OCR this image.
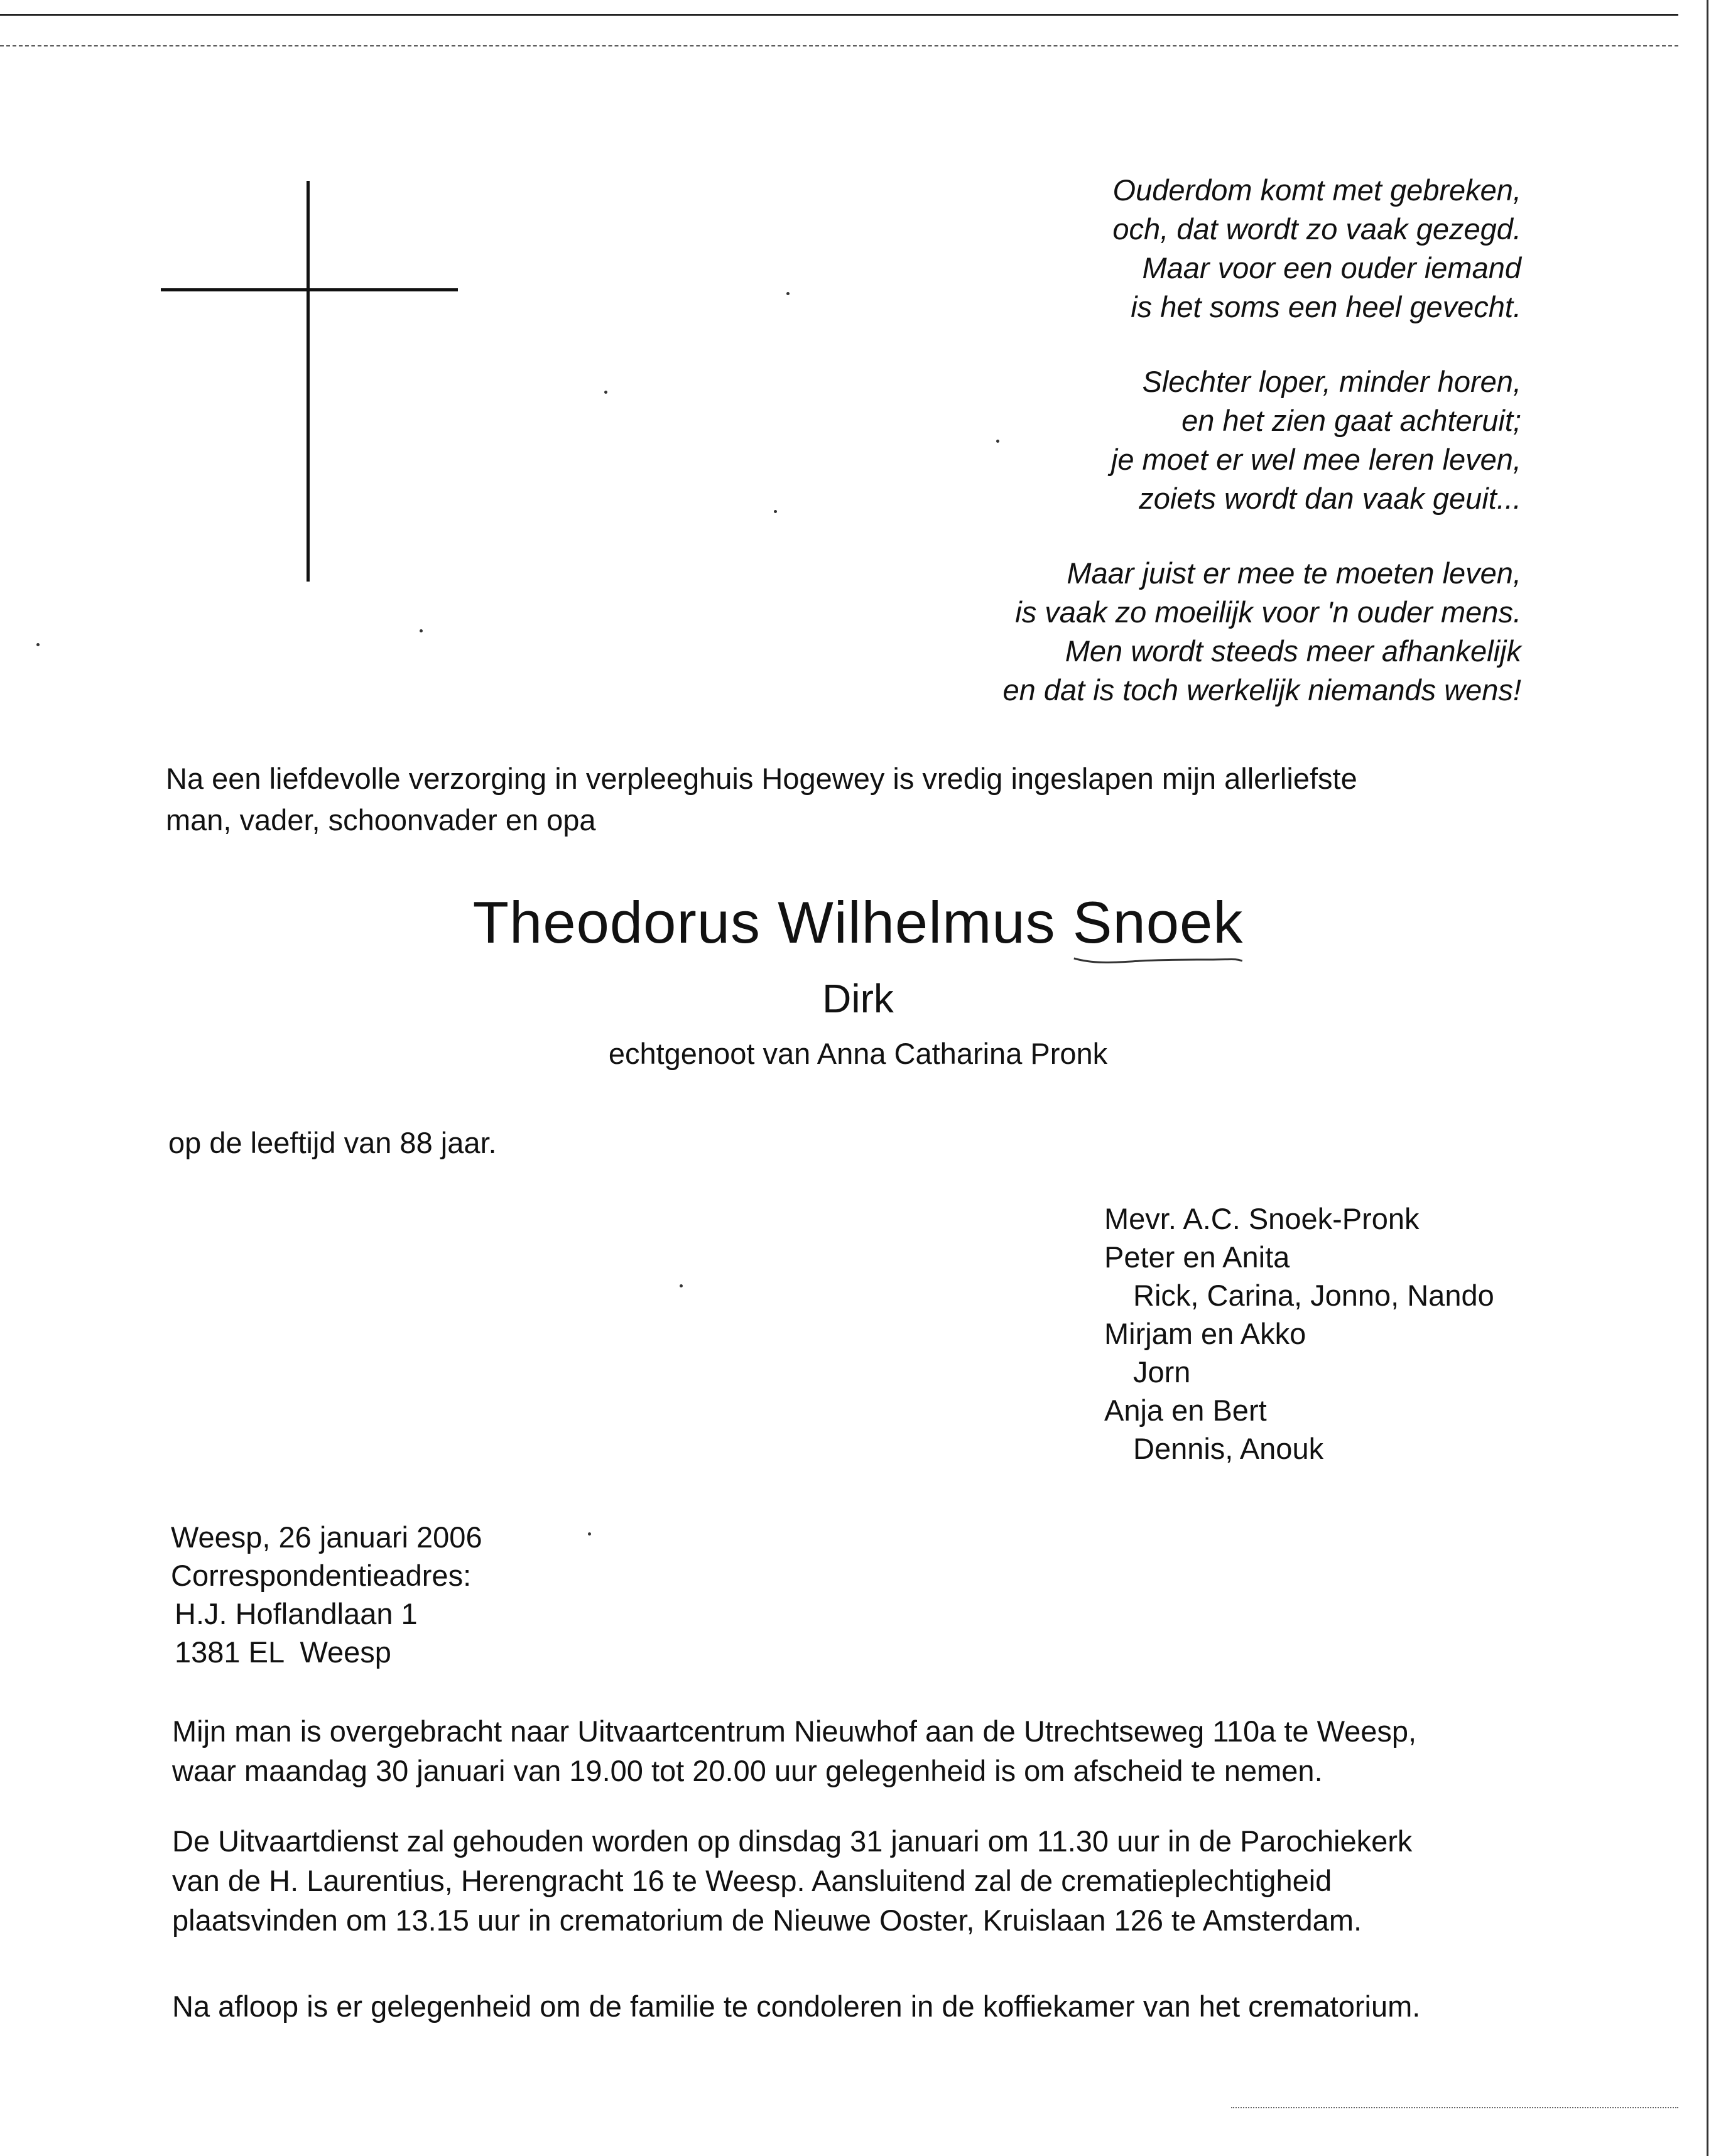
Ouderdom komt met gebreken,
och, dat wordt zo vaak gezegd.
Maar voor een ouder iemand
is het soms een heel gevecht.
Slechter loper, minder horen,
en het zien gaat achteruit;
je moet er wel mee leren leven,
zoiets wordt dan vaak geuit...
Maar juist er mee te moeten leven,
is vaak zo moeilijk voor 'n ouder mens.
Men wordt steeds meer afhankelijk
en dat is toch werkelijk niemands wens!
Na een liefdevolle verzorging in verpleeghuis Hogewey is vredig ingeslapen mijn allerliefste
man, vader, schoonvader en opa
Theodorus Wilhelmus Snoek
Dirk
echtgenoot van Anna Catharina Pronk
op de leeftijd van 88 jaar.
Mevr. A.C. Snoek-Pronk
Peter en Anita
Rick, Carina, Jonno, Nando
Mirjam en Akko
Jorn
Anja en Bert
Dennis, Anouk
Weesp, 26 januari 2006
Correspondentieadres:
H.J. Hoflandlaan 1
1381 EL  Weesp
Mijn man is overgebracht naar Uitvaartcentrum Nieuwhof aan de Utrechtseweg 110a te Weesp,
waar maandag 30 januari van 19.00 tot 20.00 uur gelegenheid is om afscheid te nemen.
De Uitvaartdienst zal gehouden worden op dinsdag 31 januari om 11.30 uur in de Parochiekerk
van de H. Laurentius, Herengracht 16 te Weesp. Aansluitend zal de crematieplechtigheid
plaatsvinden om 13.15 uur in crematorium de Nieuwe Ooster, Kruislaan 126 te Amsterdam.
Na afloop is er gelegenheid om de familie te condoleren in de koffiekamer van het crematorium.
